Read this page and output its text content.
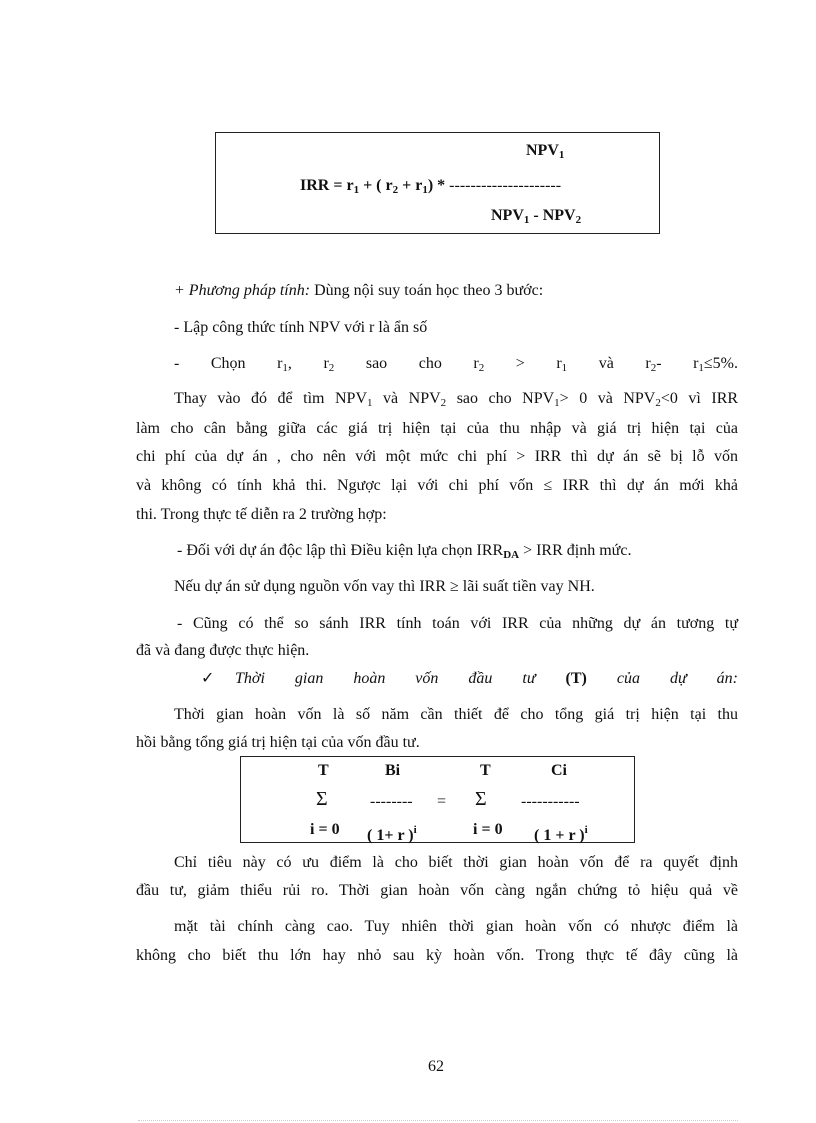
$NPV_1$
IRR = $r_1$ + ( $r_2 + r_1$) * ---------------------
$NPV_1 - NPV_2$
+ Phương pháp tính: Dùng nội suy toán học theo 3 bước:
- Lập công thức tính NPV với r là ẩn số
- Chọn $r_1$, $r_2$ sao cho $r_2 > r_1$ và $r_2-$ $r_1\le 5\%$.
Thay vào đó để tìm $NPV_1$ và $NPV_2$ sao cho $NPV_1> 0$ và $NPV_2<0$ vì IRR
làm cho cân bằng giữa các giá trị hiện tại của thu nhập và giá trị hiện tại của
chi phí của dự án , cho nên với một mức chi phí > IRR thì dự án sẽ bị lỗ vốn
và không có tính khả thi. Ngược lại với chi phí vốn ≤ IRR thì dự án mới khả
thi. Trong thực tế diễn ra 2 trường hợp:
- Đối với dự án độc lập thì Điều kiện lựa chọn $IRR_{DA}$ > IRR định mức.
Nếu dự án sử dụng nguồn vốn vay thì IRR ≥ lãi suất tiền vay NH.
- Cũng có thể so sánh IRR tính toán với IRR của những dự án tương tự
đã và đang được thực hiện.
✓ Thời gian hoàn vốn đầu tư (T) của dự án:
Thời gian hoàn vốn là số năm cần thiết để cho tổng giá trị hiện tại thu
hồi bằng tổng giá trị hiện tại của vốn đầu tư.
T	Bi	T	Ci
Σ	-------- = Σ -----------
i = 0 ( 1+ r )$^i$	i = 0 ( 1 + r )$^i$
Chỉ tiêu này có ưu điểm là cho biết thời gian hoàn vốn để ra quyết định
đầu tư, giảm thiểu rủi ro. Thời gian hoàn vốn càng ngắn chứng tỏ hiệu quả về
mặt tài chính càng cao. Tuy nhiên thời gian hoàn vốn có nhược điểm là
không cho biết thu lớn hay nhỏ sau kỳ hoàn vốn. Trong thực tế đây cũng là
62
